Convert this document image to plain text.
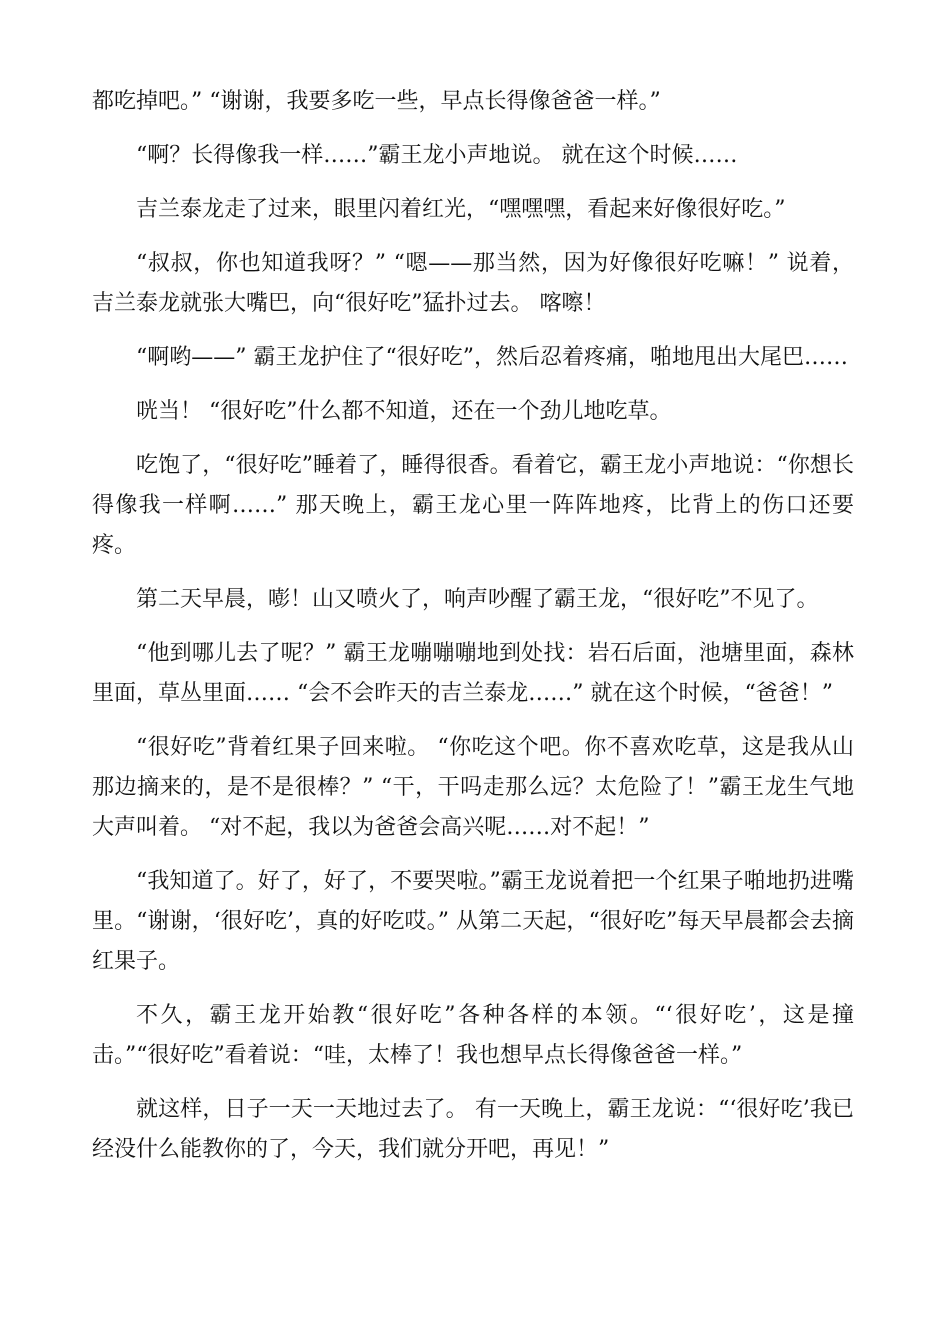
都吃掉吧。” “谢谢，我要多吃一些，早点长得像爸爸一样。”

“啊？长得像我一样……”霸王龙小声地说。 就在这个时候……

吉兰泰龙走了过来，眼里闪着红光，“嘿嘿嘿，看起来好像很好吃。”

“叔叔，你也知道我呀？” “嗯——那当然，因为好像很好吃嘛！” 说着，吉兰泰龙就张大嘴巴，向“很好吃”猛扑过去。 喀嚓！

“啊哟——” 霸王龙护住了“很好吃”，然后忍着疼痛，啪地甩出大尾巴……

咣当！ “很好吃”什么都不知道，还在一个劲儿地吃草。

吃饱了，“很好吃”睡着了，睡得很香。看着它，霸王龙小声地说：“你想长得像我一样啊……” 那天晚上，霸王龙心里一阵阵地疼，比背上的伤口还要疼。

第二天早晨，嘭！山又喷火了，响声吵醒了霸王龙，“很好吃”不见了。

“他到哪儿去了呢？” 霸王龙嘣嘣嘣地到处找：岩石后面，池塘里面，森林里面，草丛里面…… “会不会昨天的吉兰泰龙……” 就在这个时候，“爸爸！”

“很好吃”背着红果子回来啦。 “你吃这个吧。你不喜欢吃草，这是我从山那边摘来的，是不是很棒？” “干，干吗走那么远？太危险了！”霸王龙生气地大声叫着。 “对不起，我以为爸爸会高兴呢……对不起！”

“我知道了。好了，好了，不要哭啦。”霸王龙说着把一个红果子啪地扔进嘴里。“谢谢，‘很好吃’，真的好吃哎。” 从第二天起，“很好吃”每天早晨都会去摘红果子。

不久，霸王龙开始教“很好吃”各种各样的本领。“‘很好吃’，这是撞击。”“很好吃”看着说：“哇，太棒了！我也想早点长得像爸爸一样。”

就这样，日子一天一天地过去了。 有一天晚上，霸王龙说：“‘很好吃’我已经没什么能教你的了，今天，我们就分开吧，再见！”
